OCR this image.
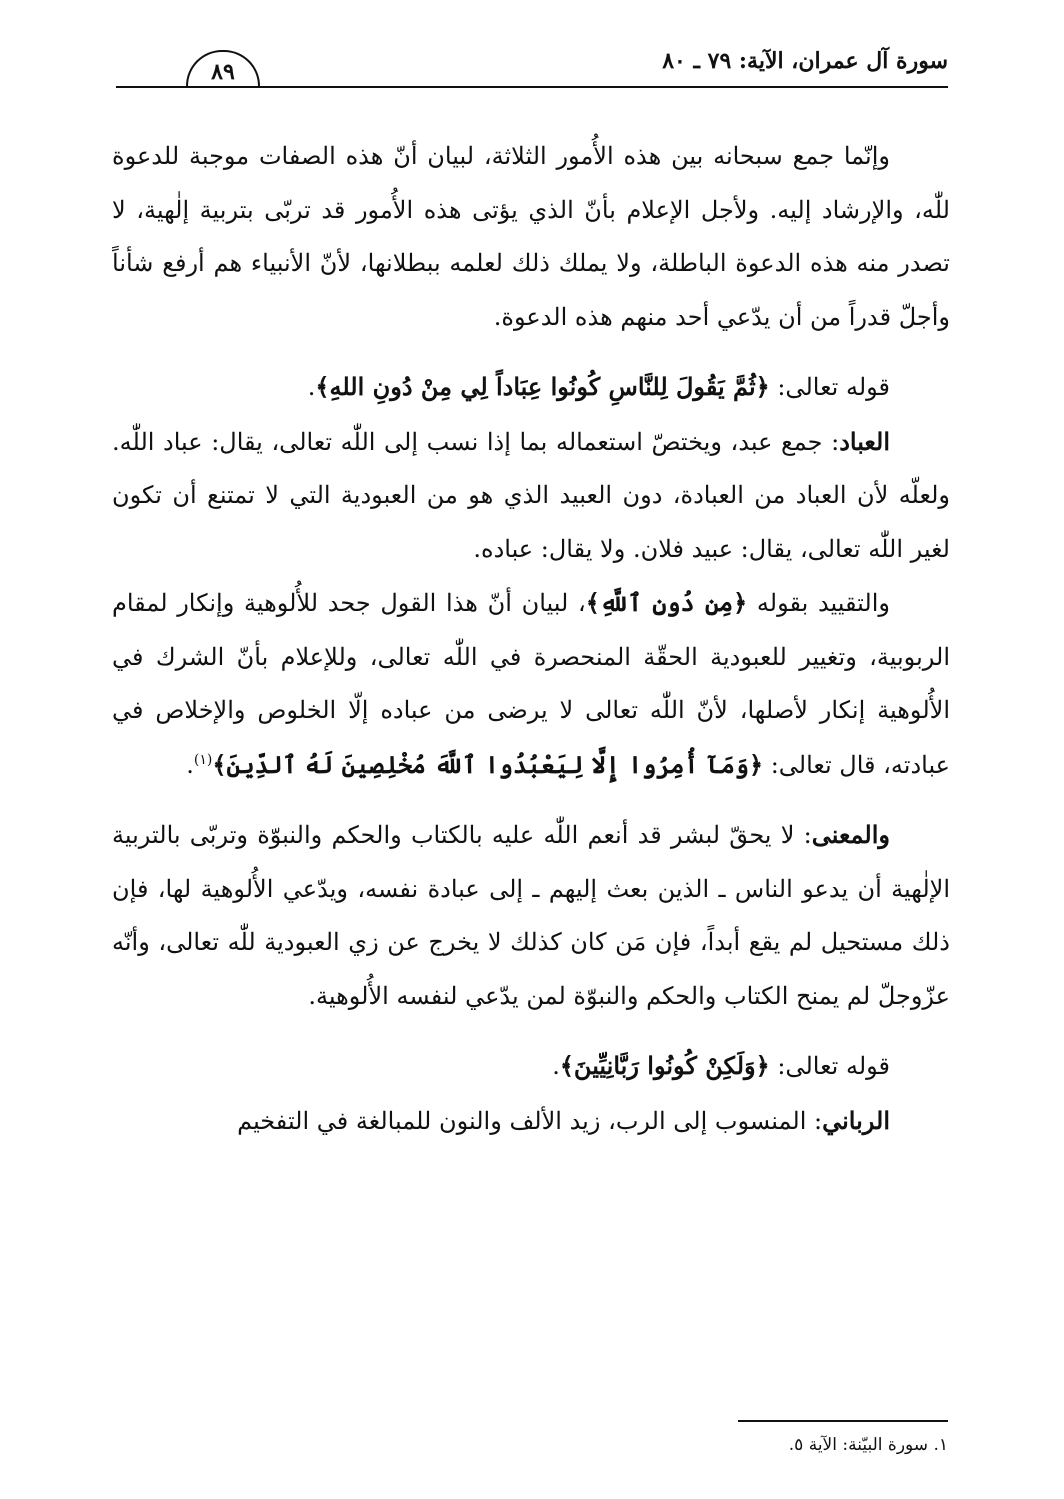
سورة آل عمران، الآية: ٧٩ ـ ٨٠
٨٩

وإنّما جمع سبحانه بين هذه الأُمور الثلاثة، لبيان أنّ هذه الصفات موجبة للدعوة للّٰه، والإرشاد إليه. ولأجل الإعلام بأنّ الذي يؤتى هذه الأُمور قد تربّى بتربية إلٰهية، لا تصدر منه هذه الدعوة الباطلة، ولا يملك ذلك لعلمه ببطلانها، لأنّ الأنبياء هم أرفع شأناً وأجلّ قدراً من أن يدّعي أحد منهم هذه الدعوة.

قوله تعالى: ﴿ثُمَّ يَقُولَ لِلنَّاسِ كُونُوا عِبَاداً لِي مِنْ دُونِ اللهِ﴾.

العباد: جمع عبد، ويختصّ استعماله بما إذا نسب إلى اللّٰه تعالى، يقال: عباد اللّٰه. ولعلّه لأن العباد من العبادة، دون العبيد الذي هو من العبودية التي لا تمتنع أن تكون لغير اللّٰه تعالى، يقال: عبيد فلان. ولا يقال: عباده.

والتقييد بقوله ﴿مِن دُونِ ٱللَّهِ﴾، لبيان أنّ هذا القول جحد للأُلوهية وإنكار لمقام الربوبية، وتغيير للعبودية الحقّة المنحصرة في اللّٰه تعالى، وللإعلام بأنّ الشرك في الأُلوهية إنكار لأصلها، لأنّ اللّٰه تعالى لا يرضى من عباده إلّا الخلوص والإخلاص في عبادته، قال تعالى: ﴿وَمَآ أُمِرُوا إِلَّا لِيَعْبُدُوا ٱللَّهَ مُخْلِصِينَ لَهُ ٱلدِّينَ﴾$^{(١)}$.

والمعنى: لا يحقّ لبشر قد أنعم اللّٰه عليه بالكتاب والحكم والنبوّة وتربّى بالتربية الإلٰهية أن يدعو الناس ـ الذين بعث إليهم ـ إلى عبادة نفسه، ويدّعي الأُلوهية لها، فإن ذلك مستحيل لم يقع أبداً، فإن مَن كان كذلك لا يخرج عن زي العبودية للّٰه تعالى، وأنّه عزّوجلّ لم يمنح الكتاب والحكم والنبوّة لمن يدّعي لنفسه الأُلوهية.

قوله تعالى: ﴿وَلَكِنْ كُونُوا رَبَّانِيِّينَ﴾.

الرباني: المنسوب إلى الرب، زيد الألف والنون للمبالغة في التفخيم

١. سورة البيّنة: الآية ٥.
